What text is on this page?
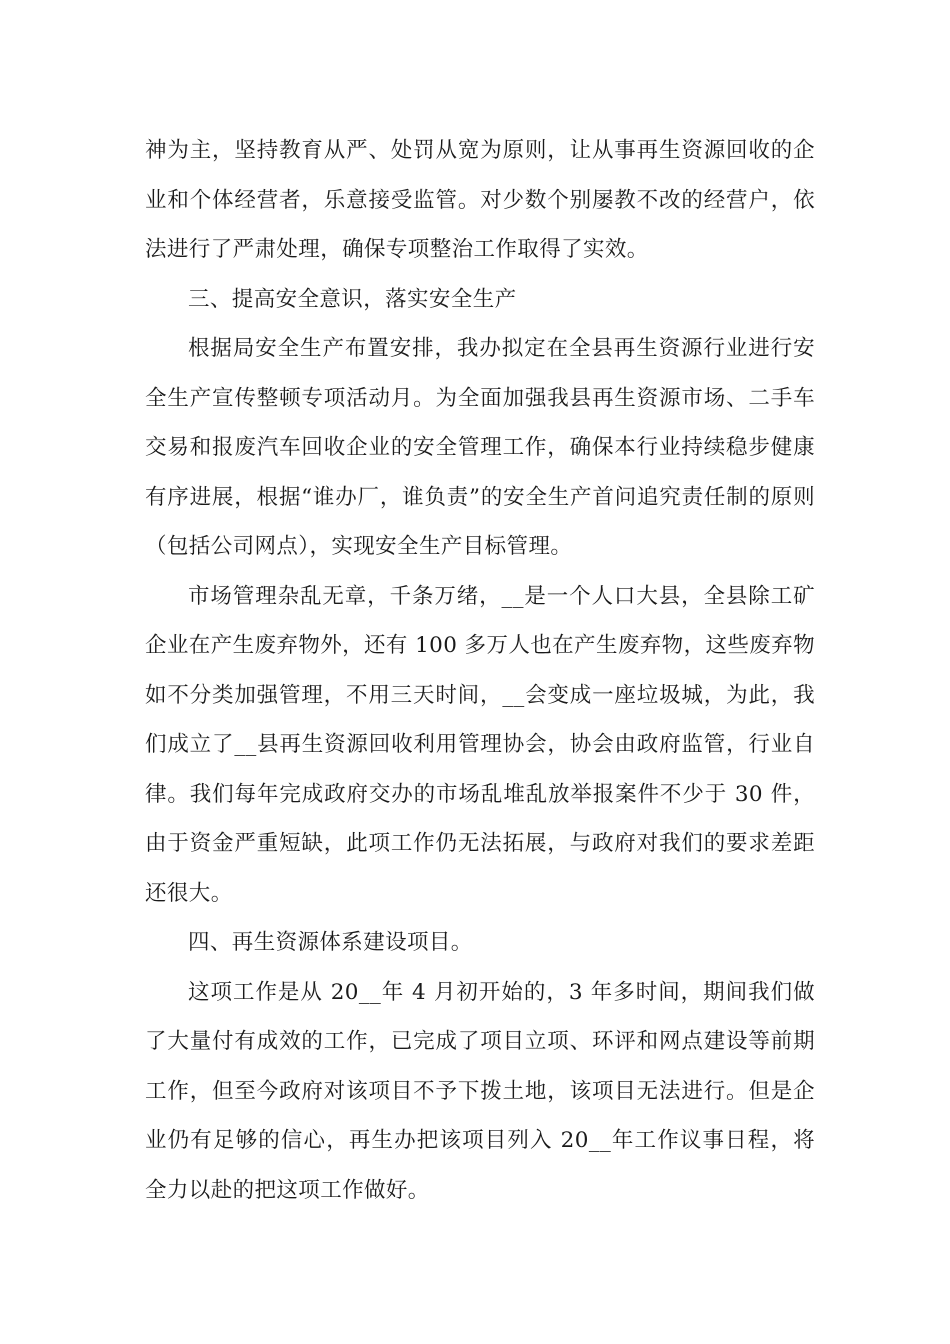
神为主，坚持教育从严、处罚从宽为原则，让从事再生资源回收的企业和个体经营者，乐意接受监管。对少数个别屡教不改的经营户，依法进行了严肃处理，确保专项整治工作取得了实效。

三、提高安全意识，落实安全生产

根据局安全生产布置安排，我办拟定在全县再生资源行业进行安全生产宣传整顿专项活动月。为全面加强我县再生资源市场、二手车交易和报废汽车回收企业的安全管理工作，确保本行业持续稳步健康有序进展，根据“谁办厂，谁负责”的安全生产首问追究责任制的原则（包括公司网点），实现安全生产目标管理。

市场管理杂乱无章，千条万绪，__是一个人口大县，全县除工矿企业在产生废弃物外，还有 100 多万人也在产生废弃物，这些废弃物如不分类加强管理，不用三天时间，__会变成一座垃圾城，为此，我们成立了__县再生资源回收利用管理协会，协会由政府监管，行业自律。我们每年完成政府交办的市场乱堆乱放举报案件不少于 30 件，由于资金严重短缺，此项工作仍无法拓展，与政府对我们的要求差距还很大。

四、再生资源体系建设项目。

这项工作是从 20__年 4 月初开始的，3 年多时间，期间我们做了大量付有成效的工作，已完成了项目立项、环评和网点建设等前期工作，但至今政府对该项目不予下拨土地，该项目无法进行。但是企业仍有足够的信心，再生办把该项目列入 20__年工作议事日程，将全力以赴的把这项工作做好。
